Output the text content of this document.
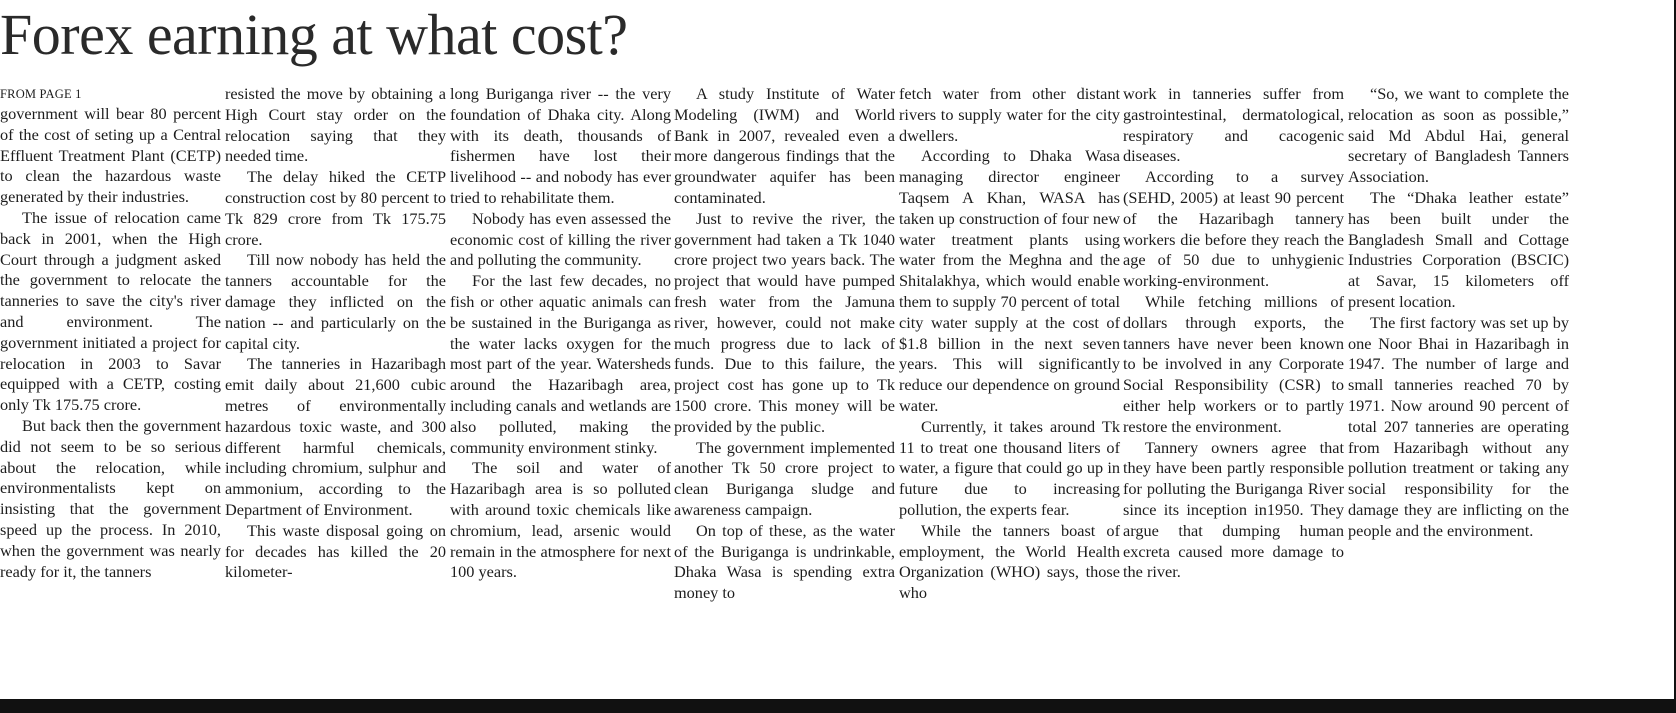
Forex earning at what cost?
FROM PAGE 1

government will bear 80 percent of the cost of seting up a Central Effluent Treatment Plant (CETP) to clean the hazardous waste generated by their industries.

The issue of relocation came back in 2001, when the High Court through a judgment asked the government to relocate the tanneries to save the city's river and environment. The government initiated a project for relocation in 2003 to Savar equipped with a CETP, costing only Tk 175.75 crore.

But back then the government did not seem to be so serious about the relocation, while environmentalists kept on insisting that the government speed up the process. In 2010, when the government was nearly ready for it, the tanners

resisted the move by obtaining a High Court stay order on the relocation saying that they needed time.

The delay hiked the CETP construction cost by 80 percent to Tk 829 crore from Tk 175.75 crore.

Till now nobody has held the tanners accountable for the damage they inflicted on the nation -- and particularly on the capital city.

The tanneries in Hazaribagh emit daily about 21,600 cubic metres of environmentally hazardous toxic waste, and 300 different harmful chemicals, including chromium, sulphur and ammonium, according to the Department of Environment.

This waste disposal going on for decades has killed the 20 kilometer-

long Buriganga river -- the very foundation of Dhaka city. Along with its death, thousands of fishermen have lost their livelihood -- and nobody has ever tried to rehabilitate them.

Nobody has even assessed the economic cost of killing the river and polluting the community.

For the last few decades, no fish or other aquatic animals can be sustained in the Buriganga as the water lacks oxygen for the most part of the year. Watersheds around the Hazaribagh area, including canals and wetlands are also polluted, making the community environment stinky.

The soil and water of Hazaribagh area is so polluted with around toxic chemicals like chromium, lead, arsenic would remain in the atmosphere for next 100 years.

A study Institute of Water Modeling (IWM) and World Bank in 2007, revealed even a more dangerous findings that the groundwater aquifer has been contaminated.

Just to revive the river, the government had taken a Tk 1040 crore project two years back. The project that would have pumped fresh water from the Jamuna river, however, could not make much progress due to lack of funds. Due to this failure, the project cost has gone up to Tk 1500 crore. This money will be provided by the public.

The government implemented another Tk 50 crore project to clean Buriganga sludge and awareness campaign.

On top of these, as the water of the Buriganga is undrinkable, Dhaka Wasa is spending extra money to

fetch water from other distant rivers to supply water for the city dwellers.

According to Dhaka Wasa managing director engineer Taqsem A Khan, WASA has taken up construction of four new water treatment plants using water from the Meghna and the Shitalakhya, which would enable them to supply 70 percent of total city water supply at the cost of $1.8 billion in the next seven years. This will significantly reduce our dependence on ground water.

Currently, it takes around Tk 11 to treat one thousand liters of water, a figure that could go up in future due to increasing pollution, the experts fear.

While the tanners boast of employment, the World Health Organization (WHO) says, those who

work in tanneries suffer from gastrointestinal, dermatological, respiratory and cacogenic diseases.

According to a survey (SEHD, 2005) at least 90 percent of the Hazaribagh tannery workers die before they reach the age of 50 due to unhygienic working-environment.

While fetching millions of dollars through exports, the tanners have never been known to be involved in any Corporate Social Responsibility (CSR) to either help workers or to partly restore the environment.

Tannery owners agree that they have been partly responsible for polluting the Buriganga River since its inception in1950. They argue that dumping human excreta caused more damage to the river.

“So, we want to complete the relocation as soon as possible,” said Md Abdul Hai, general secretary of Bangladesh Tanners Association.

The “Dhaka leather estate” has been built under the Bangladesh Small and Cottage Industries Corporation (BSCIC) at Savar, 15 kilometers off present location.

The first factory was set up by one Noor Bhai in Hazaribagh in 1947. The number of large and small tanneries reached 70 by 1971. Now around 90 percent of total 207 tanneries are operating from Hazaribagh without any pollution treatment or taking any social responsibility for the damage they are inflicting on the people and the environment.
